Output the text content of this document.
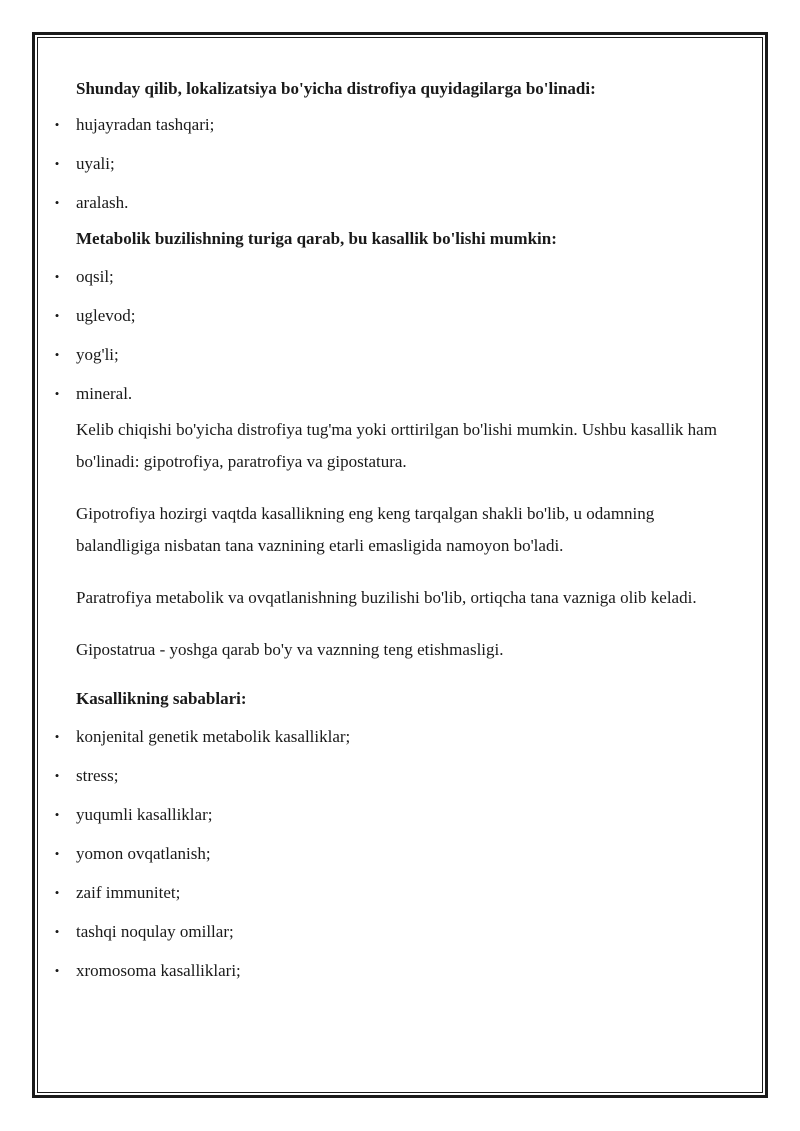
Shunday qilib, lokalizatsiya bo'yicha distrofiya quyidagilarga bo'linadi:

• hujayradan tashqari;
• uyali;
• aralash.

Metabolik buzilishning turiga qarab, bu kasallik bo'lishi mumkin:

• oqsil;
• uglevod;
• yog'li;
• mineral.

Kelib chiqishi bo'yicha distrofiya tug'ma yoki orttirilgan bo'lishi mumkin. Ushbu kasallik ham bo'linadi: gipotrofiya, paratrofiya va gipostatura.

Gipotrofiya hozirgi vaqtda kasallikning eng keng tarqalgan shakli bo'lib, u odamning balandligiga nisbatan tana vaznining etarli emasligida namoyon bo'ladi.

Paratrofiya metabolik va ovqatlanishning buzilishi bo'lib, ortiqcha tana vazniga olib keladi.

Gipostatrua - yoshga qarab bo'y va vaznning teng etishmasligi.

Kasallikning sabablari:

• konjenital genetik metabolik kasalliklar;
• stress;
• yuqumli kasalliklar;
• yomon ovqatlanish;
• zaif immunitet;
• tashqi noqulay omillar;
• xromosoma kasalliklari;
